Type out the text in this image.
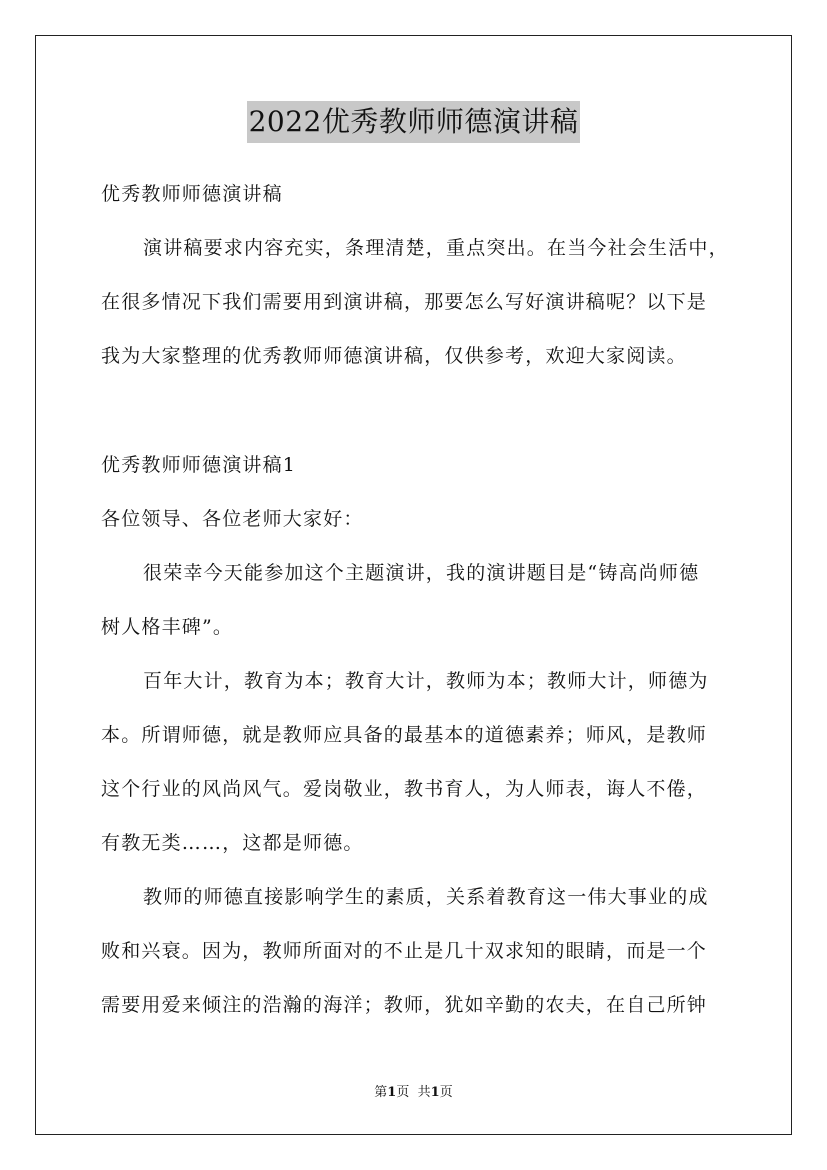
2022优秀教师师德演讲稿
优秀教师师德演讲稿
演讲稿要求内容充实，条理清楚，重点突出。在当今社会生活中，
在很多情况下我们需要用到演讲稿，那要怎么写好演讲稿呢？以下是
我为大家整理的优秀教师师德演讲稿，仅供参考，欢迎大家阅读。
优秀教师师德演讲稿1
各位领导、各位老师大家好：
很荣幸今天能参加这个主题演讲，我的演讲题目是“铸高尚师德
树人格丰碑”。
百年大计，教育为本；教育大计，教师为本；教师大计，师德为
本。所谓师德，就是教师应具备的最基本的道德素养；师风，是教师
这个行业的风尚风气。爱岗敬业，教书育人，为人师表，诲人不倦，
有教无类……，这都是师德。
教师的师德直接影响学生的素质，关系着教育这一伟大事业的成
败和兴衰。因为，教师所面对的不止是几十双求知的眼睛，而是一个
需要用爱来倾注的浩瀚的海洋；教师，犹如辛勤的农夫，在自己所钟
第1页 共1页
